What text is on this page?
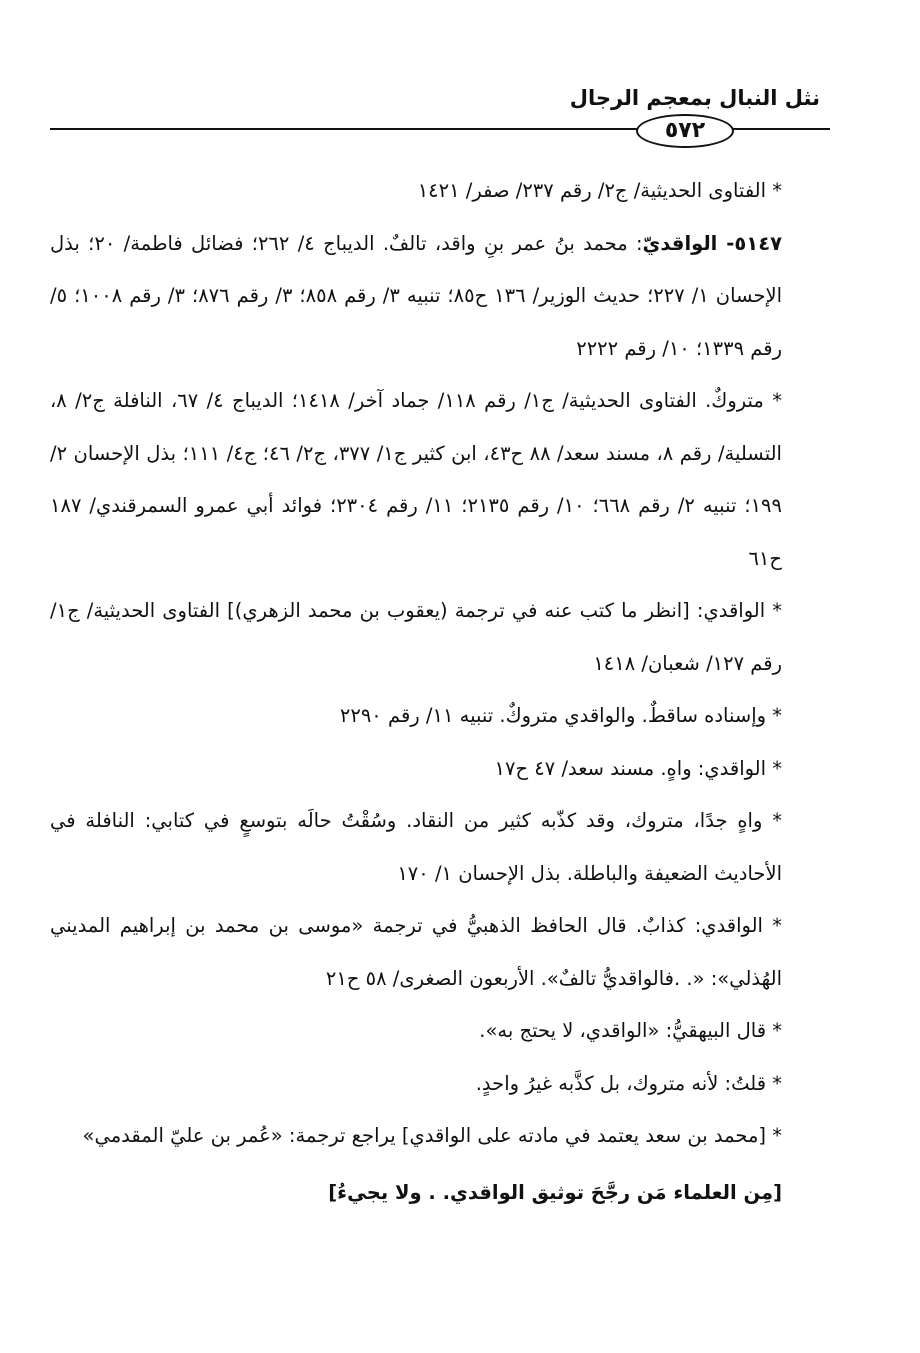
نثل النبال بمعجم الرجال
٥٧٢

* الفتاوى الحديثية/ ج٢/ رقم ٢٣٧/ صفر/ ١٤٢١

٥١٤٧- الواقديّ: محمد بنُ عمر بنِ واقد، تالفٌ. الديباج ٤/ ٢٦٢؛ فضائل فاطمة/ ٢٠؛ بذل الإحسان ١/ ٢٢٧؛ حديث الوزير/ ١٣٦ ح٨٥؛ تنبيه ٣/ رقم ٨٥٨؛ ٣/ رقم ٨٧٦؛ ٣/ رقم ١٠٠٨؛ ٥/ رقم ١٣٣٩؛ ١٠/ رقم ٢٢٢٢

* متروكٌ. الفتاوى الحديثية/ ج١/ رقم ١١٨/ جماد آخر/ ١٤١٨؛ الديباج ٤/ ٦٧، النافلة ج٢/ ٨، التسلية/ رقم ٨، مسند سعد/ ٨٨ ح٤٣، ابن كثير ج١/ ٣٧٧، ج٢/ ٤٦؛ ج٤/ ١١١؛ بذل الإحسان ٢/ ١٩٩؛ تنبيه ٢/ رقم ٦٦٨؛ ١٠/ رقم ٢١٣٥؛ ١١/ رقم ٢٣٠٤؛ فوائد أبي عمرو السمرقندي/ ١٨٧ ح٦١

* الواقدي: [انظر ما كتب عنه في ترجمة (يعقوب بن محمد الزهري)] الفتاوى الحديثية/ ج١/ رقم ١٢٧/ شعبان/ ١٤١٨

* وإسناده ساقطٌ. والواقدي متروكٌ. تنبيه ١١/ رقم ٢٢٩٠

* الواقدي: واهٍ. مسند سعد/ ٤٧ ح١٧

* واهٍ جدًا، متروك، وقد كذّبه كثير من النقاد. وسُقْتُ حالَه بتوسعٍ في كتابي: النافلة في الأحاديث الضعيفة والباطلة. بذل الإحسان ١/ ١٧٠

* الواقدي: كذابٌ. قال الحافظ الذهبيُّ في ترجمة «موسى بن محمد بن إبراهيم المديني الهُذلي»: «. .فالواقديُّ تالفٌ». الأربعون الصغرى/ ٥٨ ح٢١

* قال البيهقيُّ: «الواقدي، لا يحتج به».

* قلتُ: لأنه متروك، بل كذَّبه غيرُ واحدٍ.

* [محمد بن سعد يعتمد في مادته على الواقدي] يراجع ترجمة: «عُمر بن عليّ المقدمي»

[مِن العلماء مَن رجَّحَ توثيق الواقدي. . ولا يجيءُ]
